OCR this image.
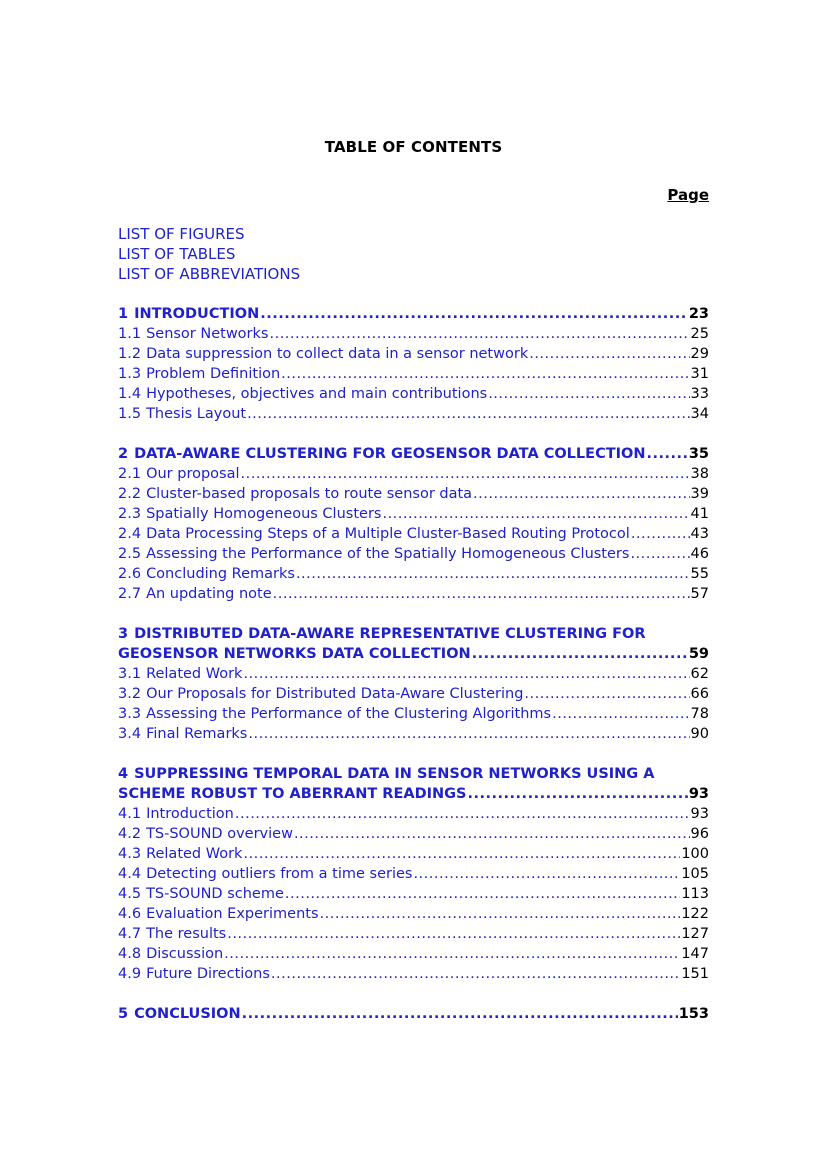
TABLE OF CONTENTS
Page
LIST OF FIGURES
LIST OF TABLES
LIST OF ABBREVIATIONS
1 INTRODUCTION .....	23
1.1 Sensor Networks .....	25
1.2 Data suppression to collect data in a sensor network .....	29
1.3 Problem Definition .....	31
1.4 Hypotheses, objectives and main contributions .....	33
1.5 Thesis Layout .....	34
2 DATA-AWARE CLUSTERING FOR GEOSENSOR DATA COLLECTION .....	35
2.1 Our proposal .....	38
2.2 Cluster-based proposals to route sensor data .....	39
2.3 Spatially Homogeneous Clusters .....	41
2.4 Data Processing Steps of a Multiple Cluster-Based Routing Protocol .....	43
2.5 Assessing the Performance of the Spatially Homogeneous Clusters .....	46
2.6 Concluding Remarks .....	55
2.7 An updating note .....	57
3 DISTRIBUTED DATA-AWARE REPRESENTATIVE CLUSTERING FOR
GEOSENSOR NETWORKS DATA COLLECTION .....	59
3.1 Related Work .....	62
3.2 Our Proposals for Distributed Data-Aware Clustering .....	66
3.3 Assessing the Performance of the Clustering Algorithms .....	78
3.4 Final Remarks .....	90
4 SUPPRESSING TEMPORAL DATA IN SENSOR NETWORKS USING A
SCHEME ROBUST TO ABERRANT READINGS .....	93
4.1 Introduction .....	93
4.2 TS-SOUND overview .....	96
4.3 Related Work .....	100
4.4 Detecting outliers from a time series .....	105
4.5 TS-SOUND scheme .....	113
4.6 Evaluation Experiments .....	122
4.7 The results .....	127
4.8 Discussion .....	147
4.9 Future Directions .....	151
5 CONCLUSION .....	153
